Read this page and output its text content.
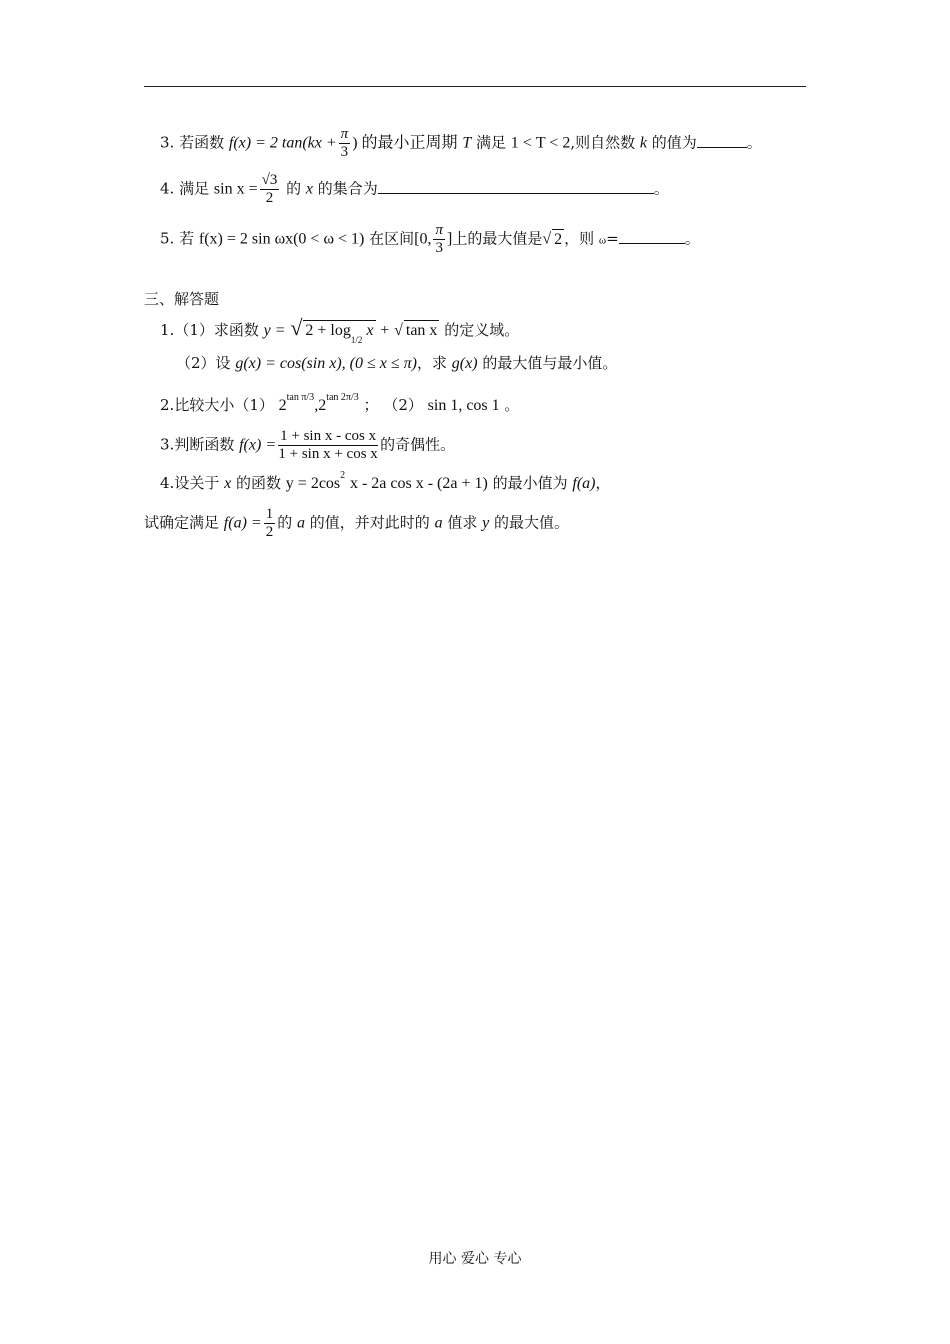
3. 若函数 f(x) = 2 $\tan(kx + \frac{\pi}{3}$ ) 的最小正周期 T 满足 1 < T < 2,则自然数 k 的值为	。
4. 满足 $\sin x = \frac{√3}{2}$ 的 x 的集合为	。
5. 若 f(x) = 2 sin ωx(0 < ω < 1) 在区间[0, $\frac{\pi}{3}$ ]上的最大值是√ 2 ，则 ω=	。
三、解答题
1.（1）求函数 y = √ $2 + \log_{1/2} x$ + √ tan x 的定义域。
（2）设 g(x) = cos(sin x), (0 ≤ x ≤ π)，求 g(x) 的最大值与最小值。
2.比较大小（1） $2^{tan \pi/3},2^{tan 2\pi/3}$ ； （2） sin 1, cos 1 。
3.判断函数 $f(x) = \frac{\text{1 + sin x - cos x}}{\text{1 + sin x + cos x}}$ 的奇偶性。
4.设关于 x 的函数 $y = 2\cos^2$ x - 2a cos x - (2a + 1) 的最小值为 f(a)，
试确定满足 $f(a) = \frac{1}{2}$ 的 a 的值，并对此时的 a 值求 y 的最大值。
用心 爱心 专心
